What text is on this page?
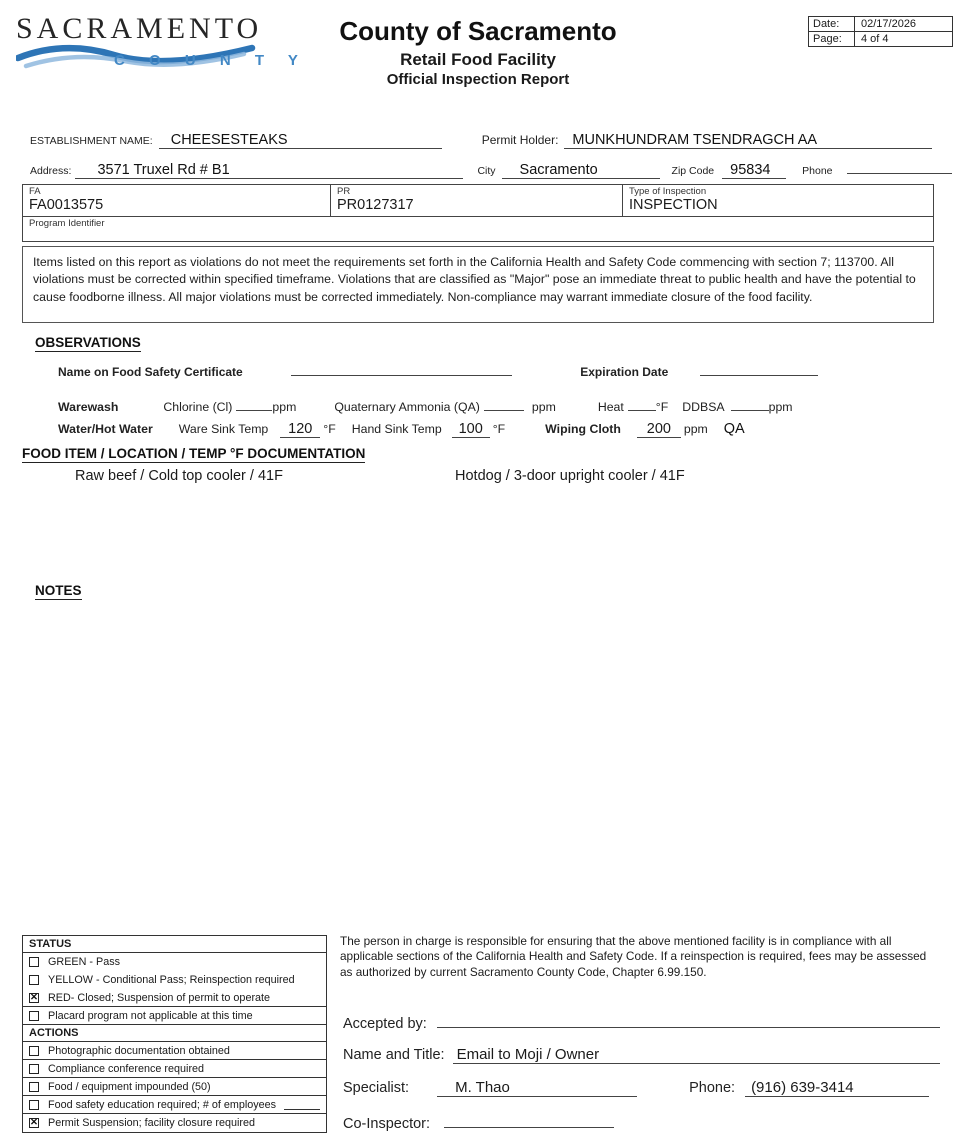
SACRAMENTO
C O U N T Y
County of Sacramento
Retail Food Facility
Official Inspection Report
Date:	02/17/2026
Page:	4 of 4
ESTABLISHMENT NAME:	CHEESESTEAKS	Permit Holder: MUNKHUNDRAM TSENDRAGCH AA
Address:	3571 Truxel Rd # B1	City	Sacramento	Zip Code	95834	Phone
FA
FA0013575
PR
PR0127317
Type of Inspection
INSPECTION
Program Identifier
Items listed on this report as violations do not meet the requirements set forth in the California Health and Safety Code commencing with section 7; 113700. All violations must be corrected within specified timeframe. Violations that are classified as "Major" pose an immediate threat to public health and have the potential to cause foodborne illness. All major violations must be corrected immediately. Non-compliance may warrant immediate closure of the food facility.
OBSERVATIONS
Name on Food Safety Certificate	Expiration Date
Warewash	Chlorine (Cl)	ppm	Quaternary Ammonia (QA)	ppm	Heat	°F DDBSA	ppm
Water/Hot Water Ware Sink Temp	120 °F Hand Sink Temp	100 °F	Wiping Cloth	200	ppm QA
FOOD ITEM / LOCATION / TEMP °F DOCUMENTATION
Raw beef / Cold top cooler / 41F	Hotdog / 3-door upright cooler / 41F
NOTES
STATUS
GREEN - Pass
YELLOW - Conditional Pass; Reinspection required
✕
RED- Closed; Suspension of permit to operate
Placard program not applicable at this time
ACTIONS
Photographic documentation obtained
Compliance conference required
Food / equipment impounded (50)
Food safety education required; # of employees
✕
Permit Suspension; facility closure required
The person in charge is responsible for ensuring that the above mentioned facility is in compliance with all applicable sections of the California Health and Safety Code. If a reinspection is required, fees may be assessed as authorized by current Sacramento County Code, Chapter 6.99.150.
Accepted by:
Name and Title: Email to Moji / Owner
Specialist:	M. Thao	Phone:	(916) 639-3414
Co-Inspector:
